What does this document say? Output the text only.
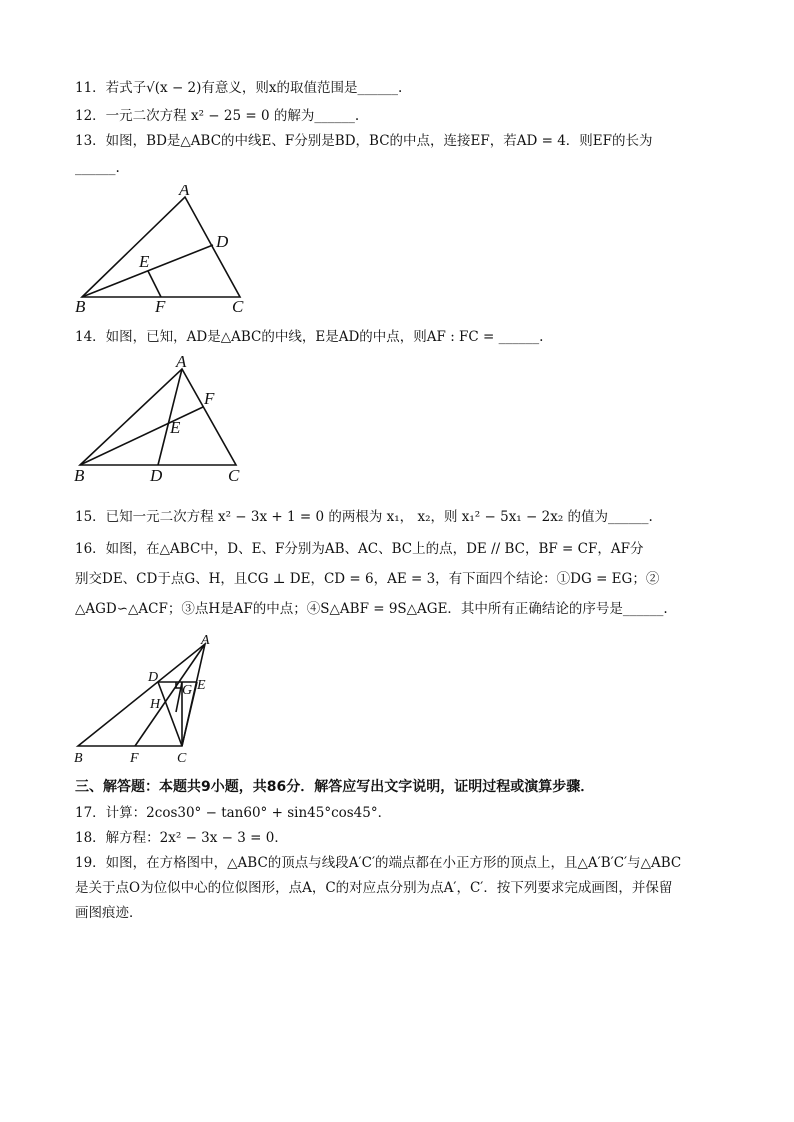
11．若式子√(x − 2)有意义，则x的取值范围是______.
12．一元二次方程 x² − 25 = 0 的解为______.
13．如图，BD是△ABC的中线E、F分别是BD，BC的中点，连接EF，若AD = 4．则EF的长为
______.
A
D
E
B	F	C
14．如图，已知，AD是△ABC的中线，E是AD的中点，则AF : FC = ______.
A
F
E
B	D	C
15．已知一元二次方程 x² − 3x + 1 = 0 的两根为 x₁， x₂，则 x₁² − 5x₁ − 2x₂ 的值为______.
16．如图，在△ABC中，D、E、F分别为AB、AC、BC上的点，DE // BC，BF = CF，AF分
别交DE、CD于点G、H，且CG ⊥ DE，CD = 6，AE = 3，有下面四个结论：①DG = EG；②
△AGD∽△ACF；③点H是AF的中点；④S△ABF = 9S△AGE．其中所有正确结论的序号是______.
A
D
G E
H
B	F	C
三、解答题：本题共9小题，共86分．解答应写出文字说明，证明过程或演算步骤．
17．计算：2cos30° − tan60° + sin45°cos45°．
18．解方程：2x² − 3x − 3 = 0．
19．如图，在方格图中，△ABC的顶点与线段A′C′的端点都在小正方形的顶点上，且△A′B′C′与△ABC
是关于点O为位似中心的位似图形，点A，C的对应点分别为点A′，C′．按下列要求完成画图，并保留
画图痕迹．
